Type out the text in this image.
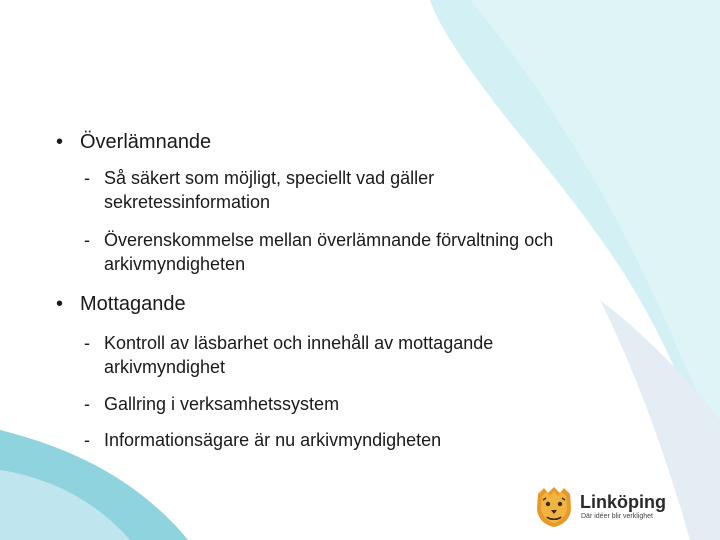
• Överlämnande
- Så säkert som möjligt, speciellt vad gäller sekretessinformation
- Överenskommelse mellan överlämnande förvaltning och arkivmyndigheten
• Mottagande
- Kontroll av läsbarhet och innehåll av mottagande arkivmyndighet
- Gallring i verksamhetssystem
- Informationsägare är nu arkivmyndigheten
Linköping
Där idéer blir verklighet
